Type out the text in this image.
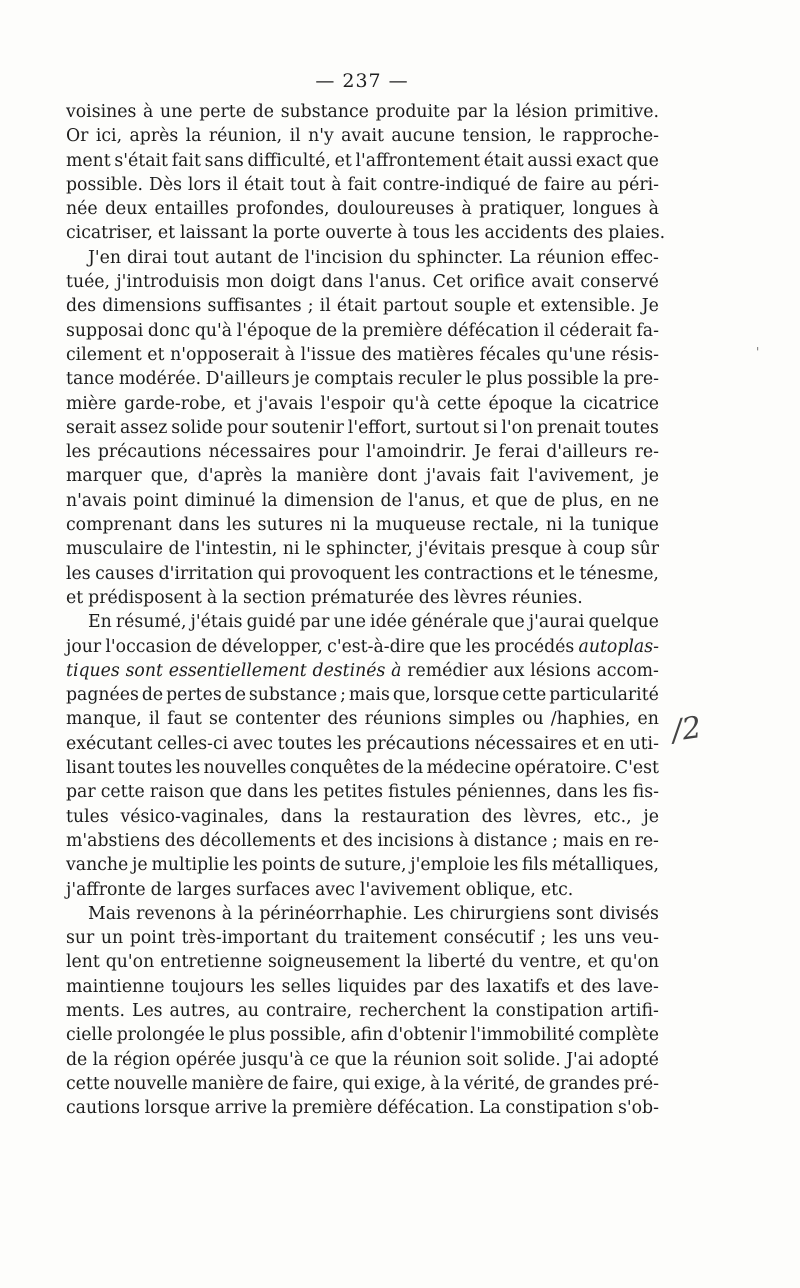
— 237 —
voisines à une perte de substance produite par la lésion primitive.
Or ici, après la réunion, il n'y avait aucune tension, le rapproche-
ment s'était fait sans difficulté, et l'affrontement était aussi exact que
possible. Dès lors il était tout à fait contre-indiqué de faire au péri-
née deux entailles profondes, douloureuses à pratiquer, longues à
cicatriser, et laissant la porte ouverte à tous les accidents des plaies.
J'en dirai tout autant de l'incision du sphincter. La réunion effec-
tuée, j'introduisis mon doigt dans l'anus. Cet orifice avait conservé
des dimensions suffisantes ; il était partout souple et extensible. Je
supposai donc qu'à l'époque de la première défécation il céderait fa-
cilement et n'opposerait à l'issue des matières fécales qu'une résis-
tance modérée. D'ailleurs je comptais reculer le plus possible la pre-
mière garde-robe, et j'avais l'espoir qu'à cette époque la cicatrice
serait assez solide pour soutenir l'effort, surtout si l'on prenait toutes
les précautions nécessaires pour l'amoindrir. Je ferai d'ailleurs re-
marquer que, d'après la manière dont j'avais fait l'avivement, je
n'avais point diminué la dimension de l'anus, et que de plus, en ne
comprenant dans les sutures ni la muqueuse rectale, ni la tunique
musculaire de l'intestin, ni le sphincter, j'évitais presque à coup sûr
les causes d'irritation qui provoquent les contractions et le ténesme,
et prédisposent à la section prématurée des lèvres réunies.
En résumé, j'étais guidé par une idée générale que j'aurai quelque
jour l'occasion de développer, c'est-à-dire que les procédés autoplas-
tiques sont essentiellement destinés à remédier aux lésions accom-
pagnées de pertes de substance ; mais que, lorsque cette particularité
manque, il faut se contenter des réunions simples ou /haphies, en
exécutant celles-ci avec toutes les précautions nécessaires et en uti-
lisant toutes les nouvelles conquêtes de la médecine opératoire. C'est
par cette raison que dans les petites fistules péniennes, dans les fis-
tules vésico-vaginales, dans la restauration des lèvres, etc., je
m'abstiens des décollements et des incisions à distance ; mais en re-
vanche je multiplie les points de suture, j'emploie les fils métalliques,
j'affronte de larges surfaces avec l'avivement oblique, etc.
Mais revenons à la périnéorrhaphie. Les chirurgiens sont divisés
sur un point très-important du traitement consécutif ; les uns veu-
lent qu'on entretienne soigneusement la liberté du ventre, et qu'on
maintienne toujours les selles liquides par des laxatifs et des lave-
ments. Les autres, au contraire, recherchent la constipation artifi-
cielle prolongée le plus possible, afin d'obtenir l'immobilité complète
de la région opérée jusqu'à ce que la réunion soit solide. J'ai adopté
cette nouvelle manière de faire, qui exige, à la vérité, de grandes pré-
cautions lorsque arrive la première défécation. La constipation s'ob-
/2
'
